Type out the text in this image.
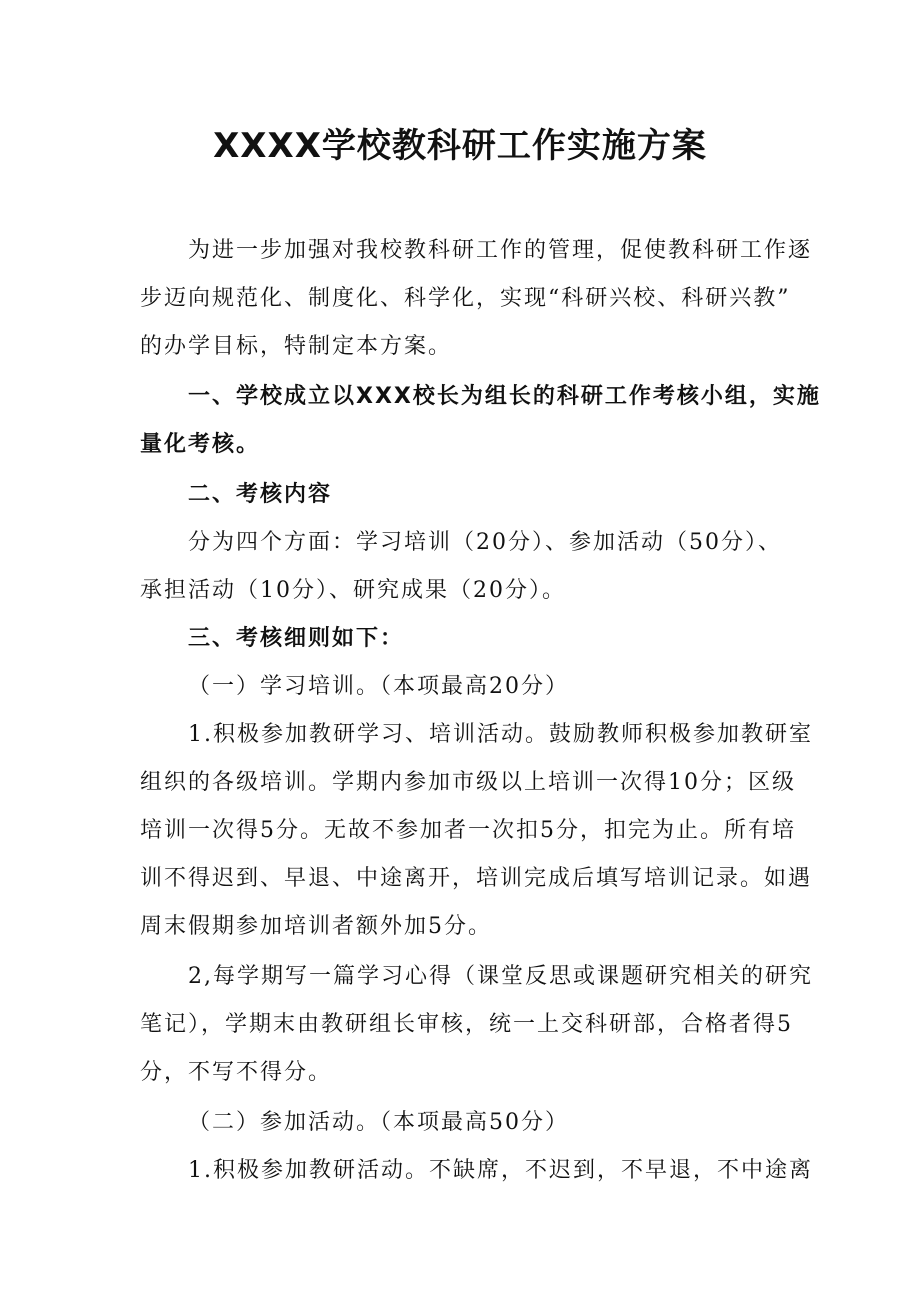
XXXX学校教科研工作实施方案
为进一步加强对我校教科研工作的管理，促使教科研工作逐
步迈向规范化、制度化、科学化，实现“科研兴校、科研兴教”
的办学目标，特制定本方案。
一、学校成立以XXX校长为组长的科研工作考核小组，实施
量化考核。
二、考核内容
分为四个方面：学习培训（20分）、参加活动（50分）、
承担活动（10分）、研究成果（20分）。
三、考核细则如下：
（一）学习培训。（本项最高20分）
1.积极参加教研学习、培训活动。鼓励教师积极参加教研室
组织的各级培训。学期内参加市级以上培训一次得10分；区级
培训一次得5分。无故不参加者一次扣5分，扣完为止。所有培
训不得迟到、早退、中途离开，培训完成后填写培训记录。如遇
周末假期参加培训者额外加5分。
2,每学期写一篇学习心得（课堂反思或课题研究相关的研究
笔记），学期末由教研组长审核，统一上交科研部，合格者得5
分，不写不得分。
（二）参加活动。（本项最高50分）
1.积极参加教研活动。不缺席，不迟到，不早退，不中途离
